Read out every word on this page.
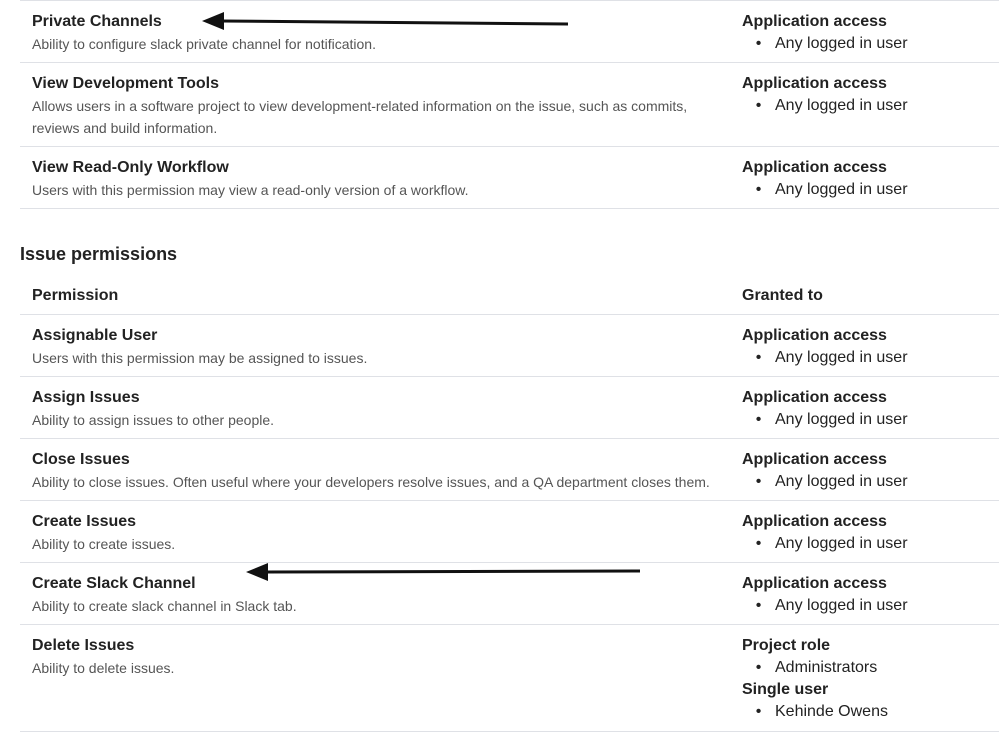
Private Channels
Ability to configure slack private channel for notification.
Application access
• Any logged in user
View Development Tools
Allows users in a software project to view development-related information on the issue, such as commits, reviews and build information.
Application access
• Any logged in user
View Read-Only Workflow
Users with this permission may view a read-only version of a workflow.
Application access
• Any logged in user
Issue permissions
Permission	Granted to
Assignable User
Users with this permission may be assigned to issues.
Application access
• Any logged in user
Assign Issues
Ability to assign issues to other people.
Application access
• Any logged in user
Close Issues
Ability to close issues. Often useful where your developers resolve issues, and a QA department closes them.
Application access
• Any logged in user
Create Issues
Ability to create issues.
Application access
• Any logged in user
Create Slack Channel
Ability to create slack channel in Slack tab.
Application access
• Any logged in user
Delete Issues
Ability to delete issues.
Project role
• Administrators
Single user
• Kehinde Owens
